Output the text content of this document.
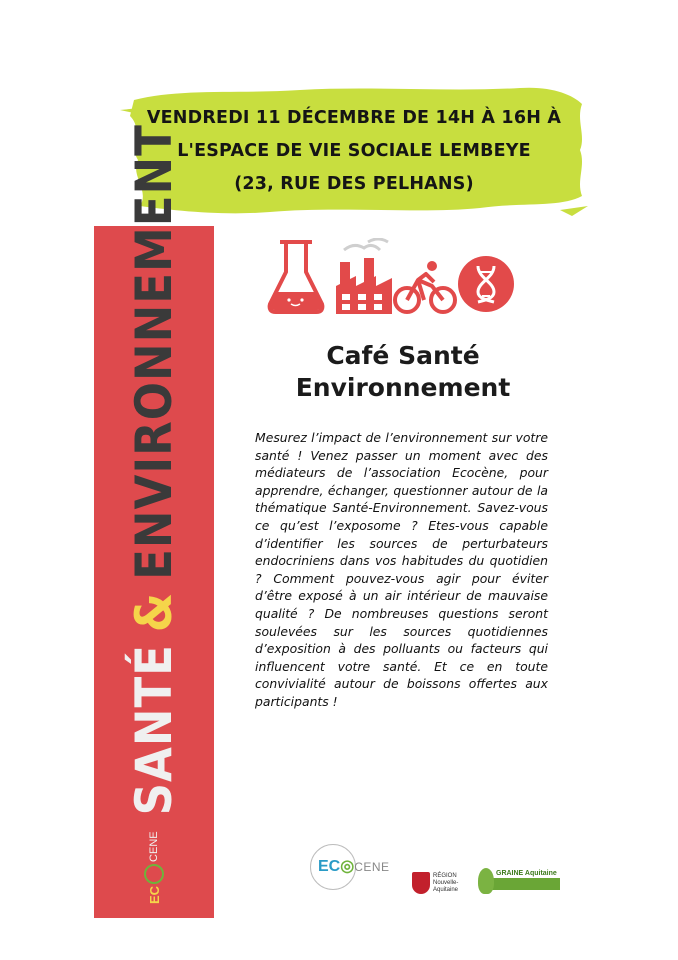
VENDREDI 11 DÉCEMBRE DE 14H À 16H À
L'ESPACE DE VIE SOCIALE LEMBEYE
(23, RUE DES PELHANS)
EC
CENE
SANTÉ
&
ENVIRONNEMENT	Café Santé
Environnement
Mesurez l’impact de l’environnement sur votre santé ! Venez passer un moment avec des médiateurs de l’association Ecocène, pour apprendre, échanger, questionner autour de la thématique Santé-Environnement. Savez-vous ce qu’est l’exposome ? Etes-vous capable d’identifier les sources de perturbateurs endocriniens dans vos habitudes du quotidien ? Comment pouvez-vous agir pour éviter d’être exposé à un air intérieur de mauvaise qualité ? De nombreuses questions seront soulevées sur les sources quotidiennes d’exposition à des polluants ou facteurs qui influencent votre santé. Et ce en toute convivialité autour de boissons offertes aux participants !
EC◎CENE
RÉGION
Nouvelle-
Aquitaine
GRAINE Aquitaine
